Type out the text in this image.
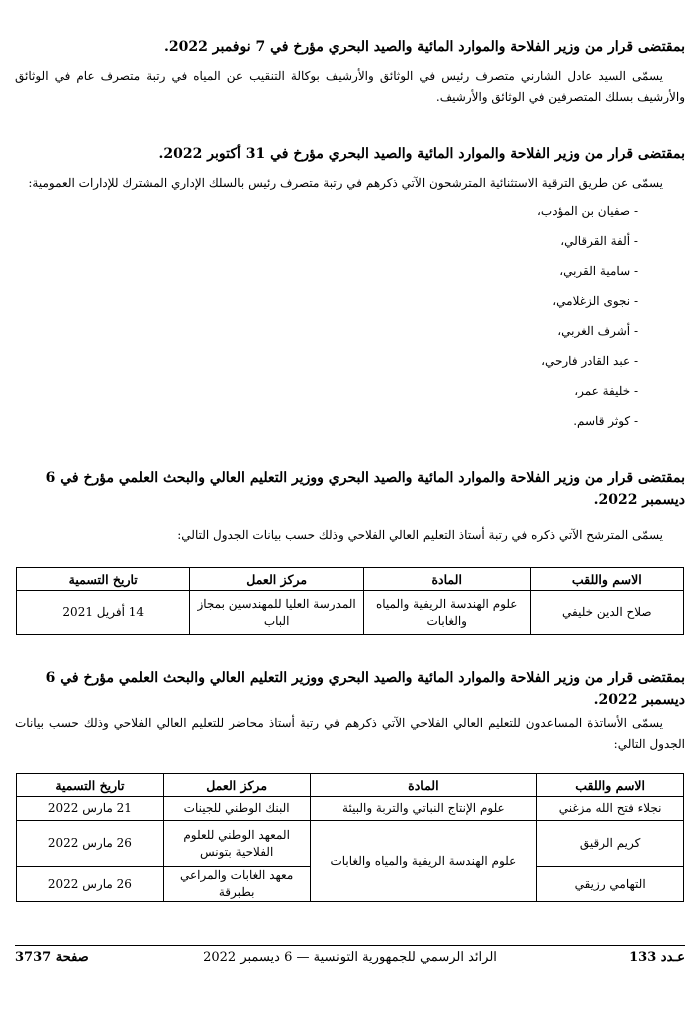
بمقتضى قرار من وزير الفلاحة والموارد المائية والصيد البحري مؤرخ في 7 نوفمبر 2022.
يسمّى السيد عادل الشارني متصرف رئيس في الوثائق والأرشيف بوكالة التنقيب عن المياه في رتبة متصرف عام في الوثائق والأرشيف بسلك المتصرفين في الوثائق والأرشيف.
بمقتضى قرار من وزير الفلاحة والموارد المائية والصيد البحري مؤرخ في 31 أكتوبر 2022.
يسمّى عن طريق الترقية الاستثنائية المترشحون الآتي ذكرهم في رتبة متصرف رئيس بالسلك الإداري المشترك للإدارات العمومية:
- صفيان بن المؤدب،
- ألفة القرقالي،
- سامية القربي،
- نجوى الزغلامي،
- أشرف الغربي،
- عبد القادر فارحي،
- خليفة عمر،
- كوثر قاسم.
بمقتضى قرار من وزير الفلاحة والموارد المائية والصيد البحري ووزير التعليم العالي والبحث العلمي مؤرخ في 6 ديسمبر 2022.
يسمّى المترشح الآتي ذكره في رتبة أستاذ التعليم العالي الفلاحي وذلك حسب بيانات الجدول التالي:
الاسم واللقب	المادة	مركز العمل	تاريخ التسمية
صلاح الدين خليفي	علوم الهندسة الريفية والمياه والغابات	المدرسة العليا للمهندسين بمجاز الباب	14 أفريل 2021
بمقتضى قرار من وزير الفلاحة والموارد المائية والصيد البحري ووزير التعليم العالي والبحث العلمي مؤرخ في 6 ديسمبر 2022.
يسمّى الأساتذة المساعدون للتعليم العالي الفلاحي الآتي ذكرهم في رتبة أستاذ محاضر للتعليم العالي الفلاحي وذلك حسب بيانات الجدول التالي:
الاسم واللقب	المادة	مركز العمل	تاريخ التسمية
نجلاء فتح الله مزغني	علوم الإنتاج النباتي والتربة والبيئة	البنك الوطني للجينات	21 مارس 2022
كريم الرقيق	علوم الهندسة الريفية والمياه والغابات	المعهد الوطني للعلوم الفلاحية بتونس	26 مارس 2022
التهامي رزيقي		معهد الغابات والمراعي بطبرقة	26 مارس 2022
عـدد 133
الرائد الرسمي للجمهورية التونسية — 6 ديسمبر 2022
صفحة 3737
